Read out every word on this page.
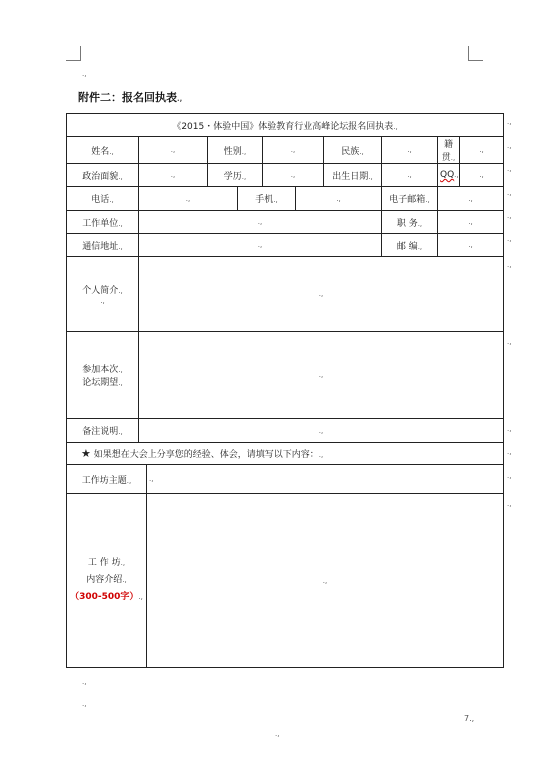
.,
附件二：报名回执表.,
《2015・体验中国》体验教育行业高峰论坛报名回执表.,										
姓名.,	.,		性别.,		.,		民族.,	.,	籍贯.,	.,
政治面貌.,	.,		学历.,		.,		出生日期.,	.,	QQ.,	.,
电话.,	.,			手机.,		.,		电子邮箱.,	.,	
工作单位.,	.,							职 务.,	.,	
通信地址.,	.,							邮 编.,	.,	
个人简介.,
.,	.,									
参加本次.,
论坛期望.,	.,									
备注说明.,	.,									
★ 如果想在大会上分享您的经验、体会，请填写以下内容：.,										
工作坊主题.,		.,								
工 作 坊.,
内容介绍.,
（300-500字）.,		.,								
.,
.,
.,
.,
.,
.,
.,
.,
.,
.,
.,
.,
.,
.,
7.,
.,
